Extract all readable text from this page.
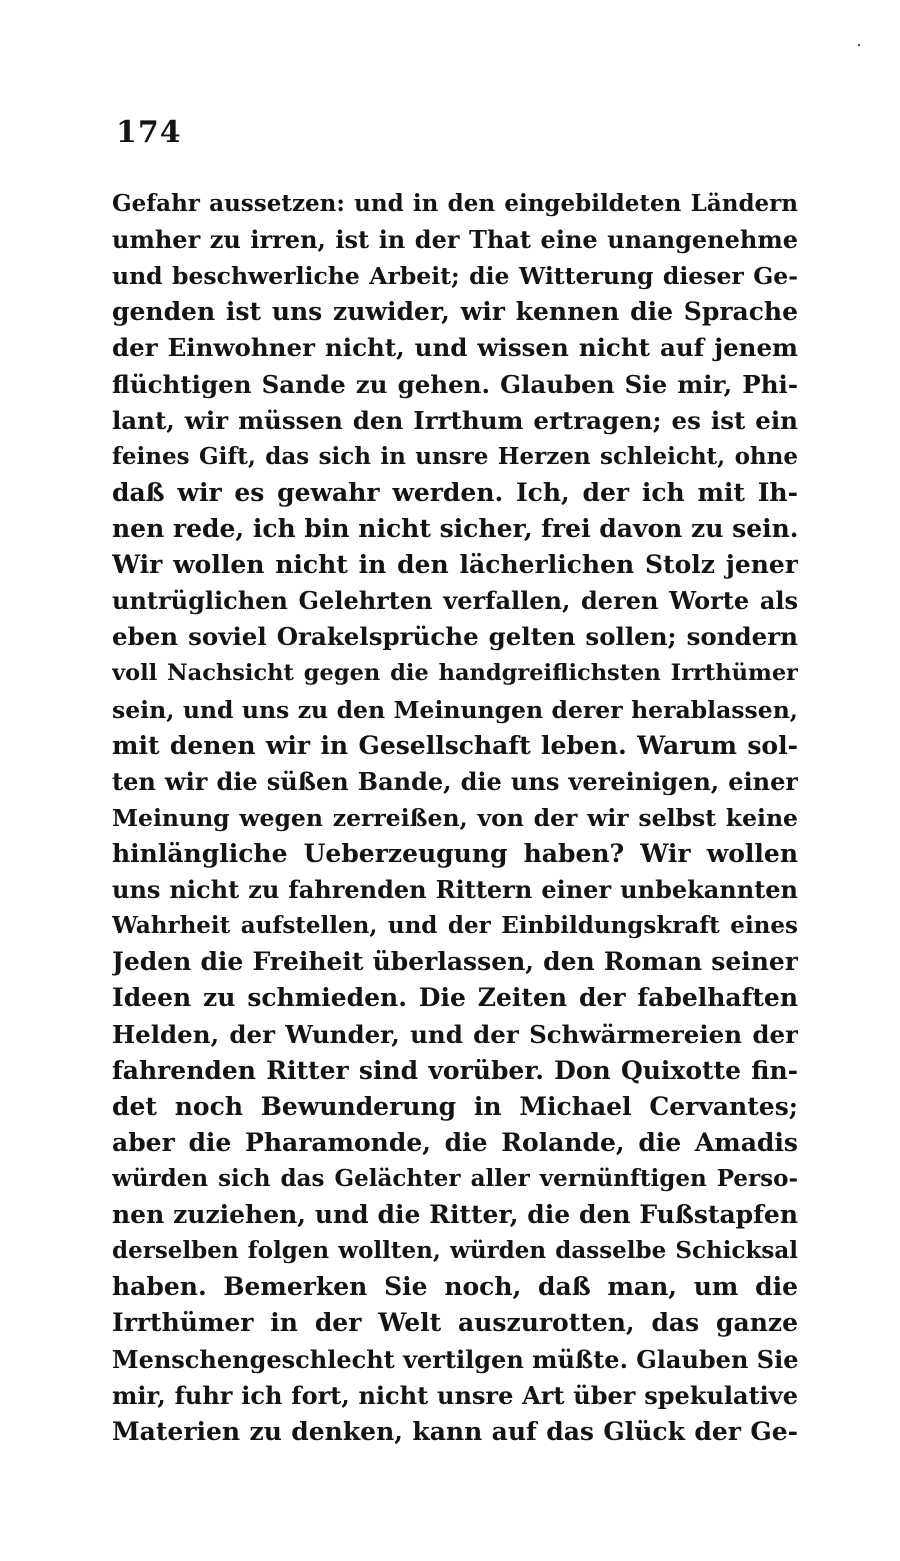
174
Gefahr aussetzen: und in den eingebildeten Ländern
umher zu irren, ist in der That eine unangenehme
und beschwerliche Arbeit; die Witterung dieser Ge-
genden ist uns zuwider, wir kennen die Sprache
der Einwohner nicht, und wissen nicht auf jenem
flüchtigen Sande zu gehen. Glauben Sie mir, Phi-
lant, wir müssen den Irrthum ertragen; es ist ein
feines Gift, das sich in unsre Herzen schleicht, ohne
daß wir es gewahr werden. Ich, der ich mit Ih-
nen rede, ich bin nicht sicher, frei davon zu sein.
Wir wollen nicht in den lächerlichen Stolz jener
untrüglichen Gelehrten verfallen, deren Worte als
eben soviel Orakelsprüche gelten sollen; sondern
voll Nachsicht gegen die handgreiflichsten Irrthümer
sein, und uns zu den Meinungen derer herablassen,
mit denen wir in Gesellschaft leben. Warum sol-
ten wir die süßen Bande, die uns vereinigen, einer
Meinung wegen zerreißen, von der wir selbst keine
hinlängliche Ueberzeugung haben? Wir wollen
uns nicht zu fahrenden Rittern einer unbekannten
Wahrheit aufstellen, und der Einbildungskraft eines
Jeden die Freiheit überlassen, den Roman seiner
Ideen zu schmieden. Die Zeiten der fabelhaften
Helden, der Wunder, und der Schwärmereien der
fahrenden Ritter sind vorüber. Don Quixotte fin-
det noch Bewunderung in Michael Cervantes;
aber die Pharamonde, die Rolande, die Amadis
würden sich das Gelächter aller vernünftigen Perso-
nen zuziehen, und die Ritter, die den Fußstapfen
derselben folgen wollten, würden dasselbe Schicksal
haben. Bemerken Sie noch, daß man, um die
Irrthümer in der Welt auszurotten, das ganze
Menschengeschlecht vertilgen müßte. Glauben Sie
mir, fuhr ich fort, nicht unsre Art über spekulative
Materien zu denken, kann auf das Glück der Ge-
